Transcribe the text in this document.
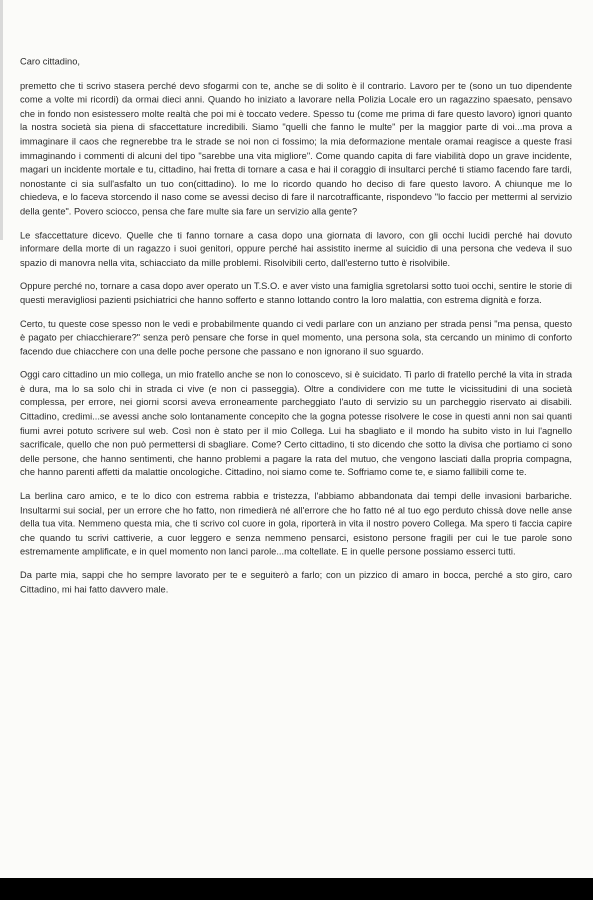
Caro cittadino,

premetto che ti scrivo stasera perché devo sfogarmi con te, anche se di solito è il contrario. Lavoro per te (sono un tuo dipendente come a volte mi ricordi) da ormai dieci anni. Quando ho iniziato a lavorare nella Polizia Locale ero un ragazzino spaesato, pensavo che in fondo non esistessero molte realtà che poi mi è toccato vedere. Spesso tu (come me prima di fare questo lavoro) ignori quanto la nostra società sia piena di sfaccettature incredibili. Siamo "quelli che fanno le multe" per la maggior parte di voi...ma prova a immaginare il caos che regnerebbe tra le strade se noi non ci fossimo; la mia deformazione mentale oramai reagisce a queste frasi immaginando i commenti di alcuni del tipo "sarebbe una vita migliore". Come quando capita di fare viabilità dopo un grave incidente, magari un incidente mortale e tu, cittadino, hai fretta di tornare a casa e hai il coraggio di insultarci perché ti stiamo facendo fare tardi, nonostante ci sia sull'asfalto un tuo con(cittadino). Io me lo ricordo quando ho deciso di fare questo lavoro. A chiunque me lo chiedeva, e lo faceva storcendo il naso come se avessi deciso di fare il narcotrafficante, rispondevo "lo faccio per mettermi al servizio della gente". Povero sciocco, pensa che fare multe sia fare un servizio alla gente?

Le sfaccettature dicevo. Quelle che ti fanno tornare a casa dopo una giornata di lavoro, con gli occhi lucidi perché hai dovuto informare della morte di un ragazzo i suoi genitori, oppure perché hai assistito inerme al suicidio di una persona che vedeva il suo spazio di manovra nella vita, schiacciato da mille problemi. Risolvibili certo, dall'esterno tutto è risolvibile.

Oppure perché no, tornare a casa dopo aver operato un T.S.O. e aver visto una famiglia sgretolarsi sotto tuoi occhi, sentire le storie di questi meravigliosi pazienti psichiatrici che hanno sofferto e stanno lottando contro la loro malattia, con estrema dignità e forza.

Certo, tu queste cose spesso non le vedi e probabilmente quando ci vedi parlare con un anziano per strada pensi "ma pensa, questo è pagato per chiacchierare?" senza però pensare che forse in quel momento, una persona sola, sta cercando un minimo di conforto facendo due chiacchere con una delle poche persone che passano e non ignorano il suo sguardo.

Oggi caro cittadino un mio collega, un mio fratello anche se non lo conoscevo, si è suicidato. Ti parlo di fratello perché la vita in strada è dura, ma lo sa solo chi in strada ci vive (e non ci passeggia). Oltre a condividere con me tutte le vicissitudini di una società complessa, per errore, nei giorni scorsi aveva erroneamente parcheggiato l'auto di servizio su un parcheggio riservato ai disabili. Cittadino, credimi...se avessi anche solo lontanamente concepito che la gogna potesse risolvere le cose in questi anni non sai quanti fiumi avrei potuto scrivere sul web. Così non è stato per il mio Collega. Lui ha sbagliato e il mondo ha subito visto in lui l'agnello sacrificale, quello che non può permettersi di sbagliare. Come? Certo cittadino, ti sto dicendo che sotto la divisa che portiamo ci sono delle persone, che hanno sentimenti, che hanno problemi a pagare la rata del mutuo, che vengono lasciati dalla propria compagna, che hanno parenti affetti da malattie oncologiche. Cittadino, noi siamo come te. Soffriamo come te, e siamo fallibili come te.

La berlina caro amico, e te lo dico con estrema rabbia e tristezza, l'abbiamo abbandonata dai tempi delle invasioni barbariche. Insultarmi sui social, per un errore che ho fatto, non rimedierà né all'errore che ho fatto né al tuo ego perduto chissà dove nelle anse della tua vita. Nemmeno questa mia, che ti scrivo col cuore in gola, riporterà in vita il nostro povero Collega. Ma spero ti faccia capire che quando tu scrivi cattiverie, a cuor leggero e senza nemmeno pensarci, esistono persone fragili per cui le tue parole sono estremamente amplificate, e in quel momento non lanci parole...ma coltellate. E in quelle persone possiamo esserci tutti.

Da parte mia, sappi che ho sempre lavorato per te e seguiterò a farlo; con un pizzico di amaro in bocca, perché a sto giro, caro Cittadino, mi hai fatto davvero male.
